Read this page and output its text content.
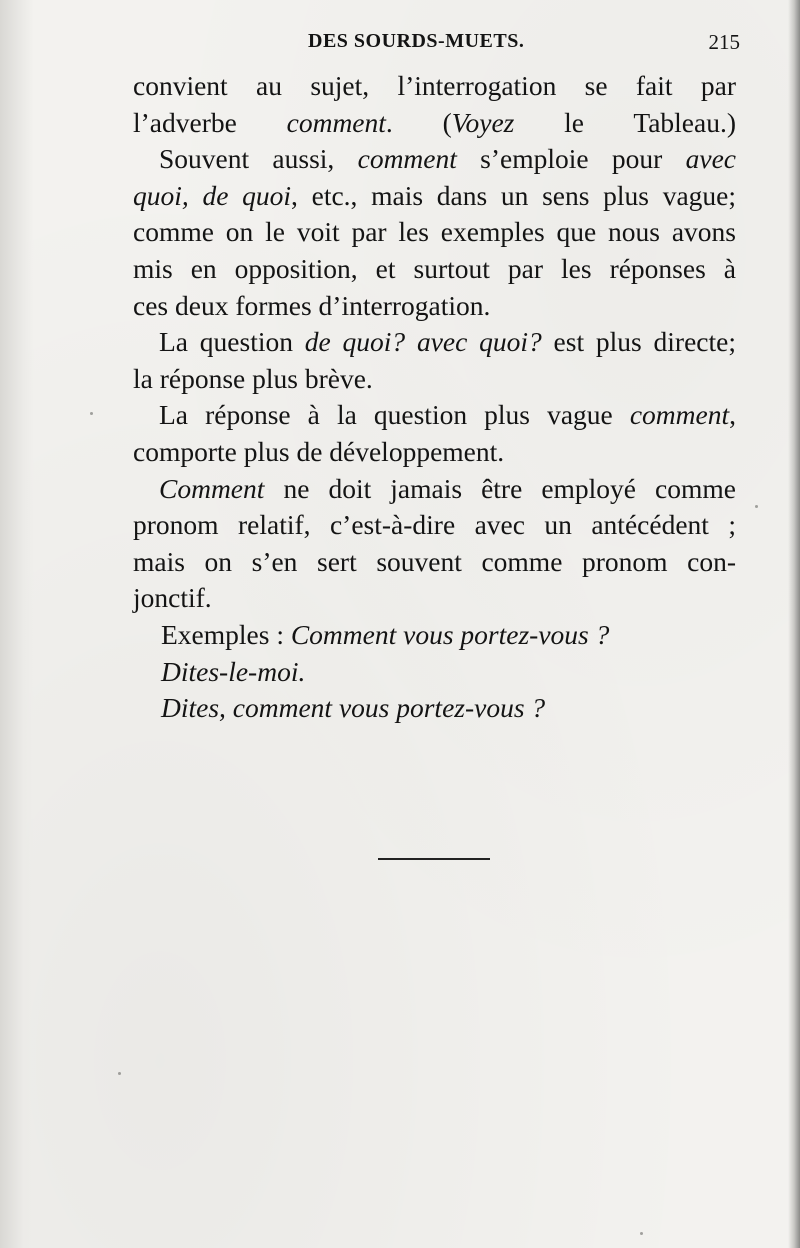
DES SOURDS-MUETS.	215
convient au sujet, l’interrogation se fait par
l’adverbe comment. (Voyez le Tableau.)
Souvent aussi, comment s’emploie pour avec
quoi, de quoi, etc., mais dans un sens plus vague;
comme on le voit par les exemples que nous avons
mis en opposition, et surtout par les réponses à
ces deux formes d’interrogation.
La question de quoi? avec quoi? est plus directe;
la réponse plus brève.
La réponse à la question plus vague comment,
comporte plus de développement.
Comment ne doit jamais être employé comme
pronom relatif, c’est-à-dire avec un antécédent ;
mais on s’en sert souvent comme pronom con-
jonctif.
Exemples : Comment vous portez-vous ?
Dites-le-moi.
Dites, comment vous portez-vous ?
